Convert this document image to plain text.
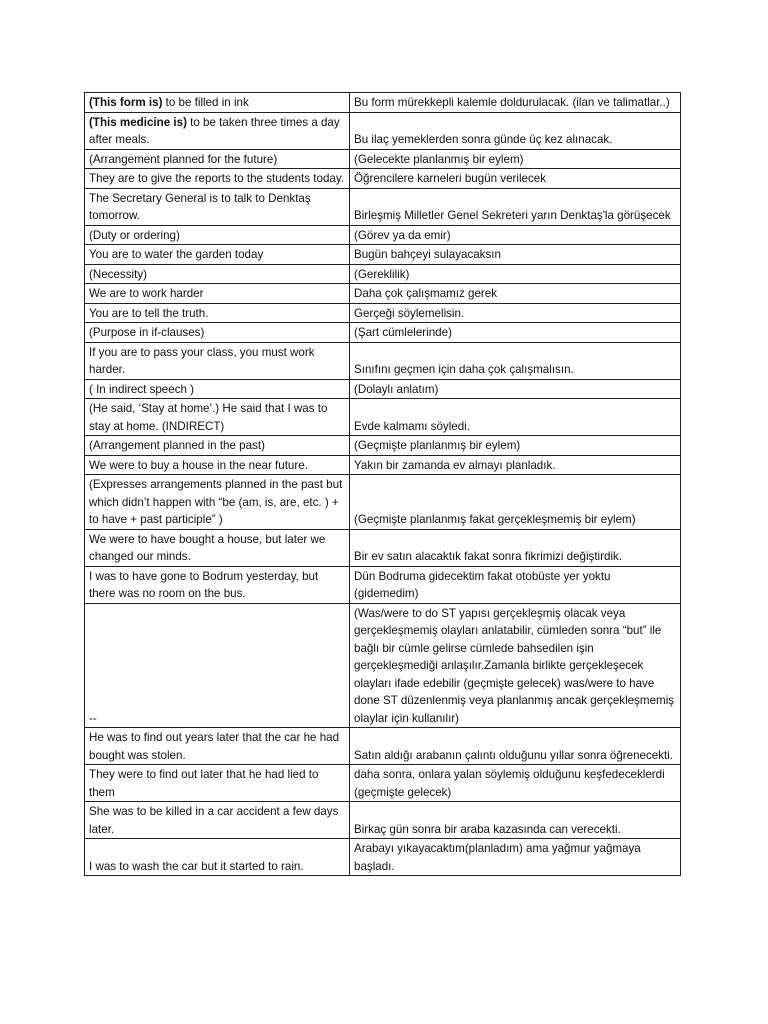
(This form is) to be filled in ink	Bu form mürekkepli kalemle doldurulacak. (ilan ve talimatlar..)
(This medicine is) to be taken three times a day after meals.	Bu ilaç yemeklerden sonra günde üç kez alınacak.
(Arrangement planned for the future)	(Gelecekte planlanmış bir eylem)
They are to give the reports to the students today.	Öğrencilere karneleri bugün verilecek
The Secretary General is to talk to Denktaş tomorrow.	Birleşmiş Milletler Genel Sekreteri yarın Denktaş'la görüşecek
(Duty or ordering)	(Görev ya da emir)
You are to water the garden today	Bugün bahçeyi sulayacaksın
(Necessity)	(Gereklilik)
We are to work harder	Daha çok çalışmamız gerek
You are to tell the truth.	Gerçeği söylemelisin.
(Purpose in if-clauses)	(Şart cümlelerinde)
If you are to pass your class, you must work harder.	Sınıfını geçmen için daha çok çalışmalısın.
( In indirect speech )	(Dolaylı anlatım)
(He said, ‘Stay at home’.) He said that I was to stay at home. (INDIRECT)	Evde kalmamı söyledi.
(Arrangement planned in the past)	(Geçmişte planlanmış bir eylem)
We were to buy a house in the near future.	Yakın bir zamanda ev almayı planladık.
(Expresses arrangements planned in the past but which didn’t happen with “be (am, is, are, etc. ) + to have + past participle” )	(Geçmişte planlanmış fakat gerçekleşmemiş bir eylem)
We were to have bought a house, but later we changed our minds.	Bir ev satın alacaktık fakat sonra fikrimizi değiştirdik.
I was to have gone to Bodrum yesterday, but there was no room on the bus.	Dün Bodruma gidecektim fakat otobüste yer yoktu (gidemedim)
--	(Was/were to do ST yapısı gerçekleşmiş olacak veya gerçekleşmemiş olayları anlatabilir, cümleden sonra “but” ile bağlı bir cümle gelirse cümlede bahsedilen işin gerçekleşmediği anlaşılır.Zamanla birlikte gerçekleşecek olayları ifade edebilir (geçmişte gelecek) was/were to have done ST düzenlenmiş veya planlanmış ancak gerçekleşmemiş olaylar için kullanılır)
He was to find out years later that the car he had bought was stolen.	Satın aldığı arabanın çalıntı olduğunu yıllar sonra öğrenecekti.
They were to find out later that he had lied to them	daha sonra, onlara yalan söylemiş olduğunu keşfedeceklerdi (geçmişte gelecek)
She was to be killed in a car accident a few days later.	Birkaç gün sonra bir araba kazasında can verecekti.
I was to wash the car but it started to rain.	Arabayı yıkayacaktım(planladım) ama yağmur yağmaya başladı.
